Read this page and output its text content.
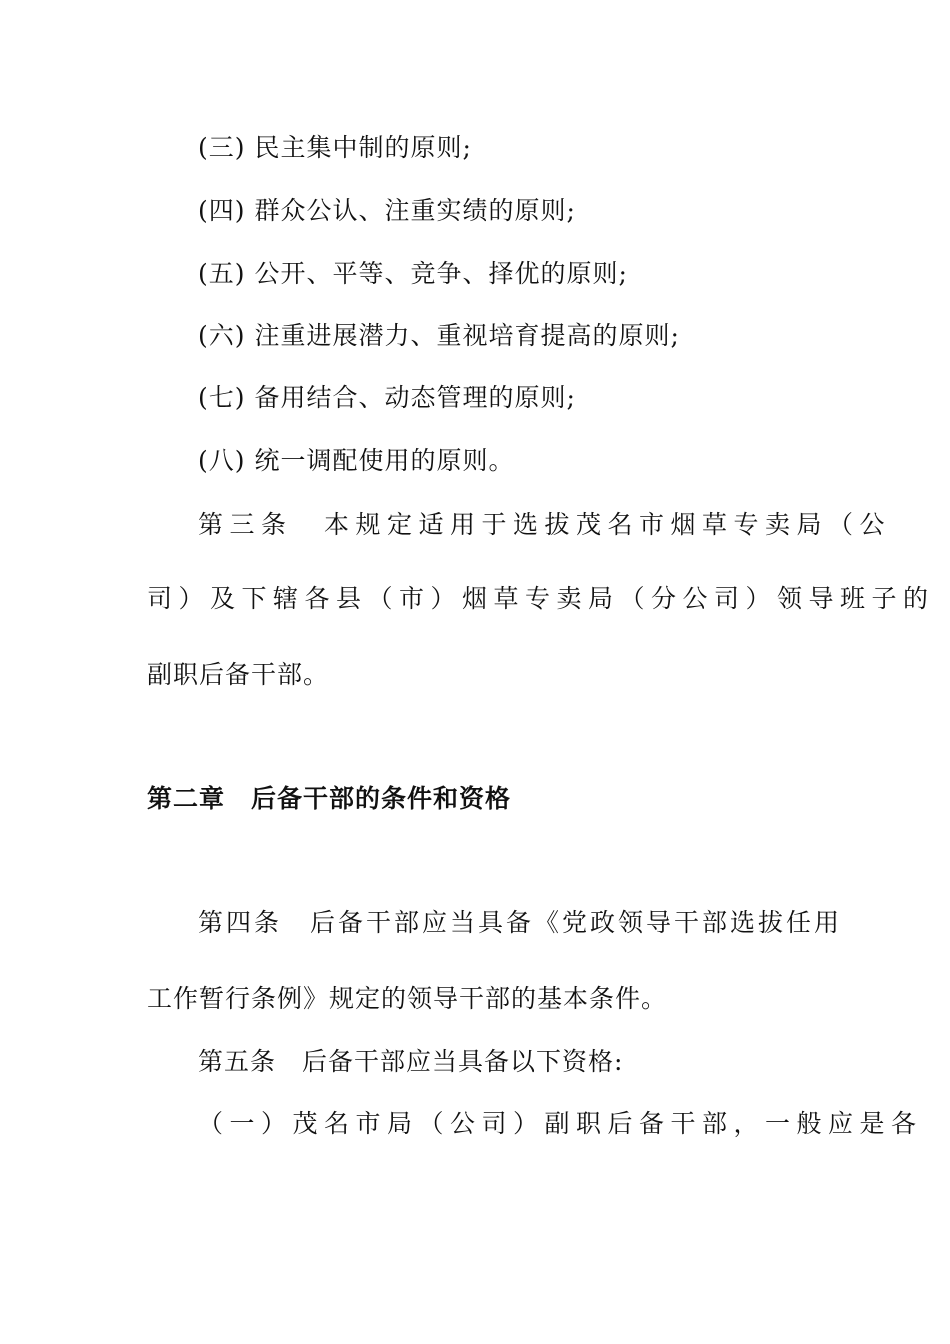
(三) 民主集中制的原则;
(四) 群众公认、注重实绩的原则;
(五) 公开、平等、竞争、择优的原则;
(六) 注重进展潜力、重视培育提高的原则;
(七) 备用结合、动态管理的原则;
(八) 统一调配使用的原则。
第三条　本规定适用于选拔茂名市烟草专卖局（公
司）及下辖各县（市）烟草专卖局（分公司）领导班子的
副职后备干部。
第二章　后备干部的条件和资格
第四条　后备干部应当具备《党政领导干部选拔任用
工作暂行条例》规定的领导干部的基本条件。
第五条　后备干部应当具备以下资格:
（一）茂名市局（公司）副职后备干部，一般应是各
